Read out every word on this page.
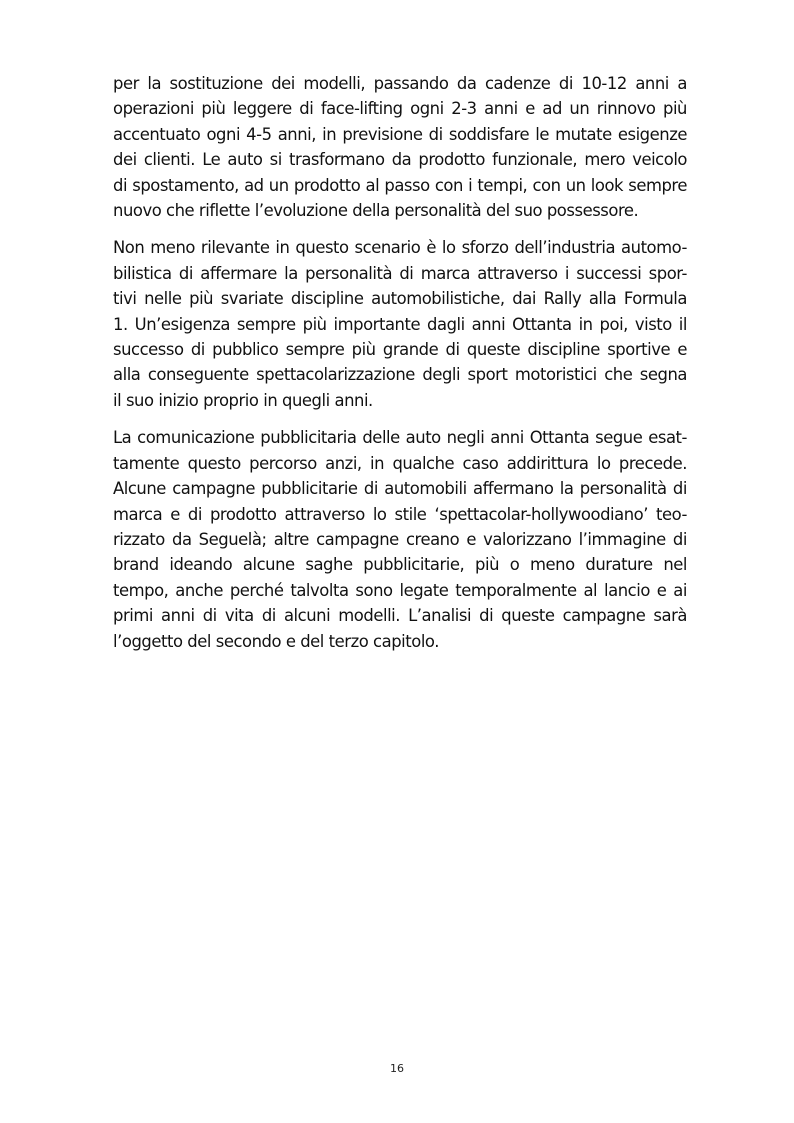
per la sostituzione dei modelli, passando da cadenze di 10-12 anni a
operazioni più leggere di face-lifting ogni 2-3 anni e ad un rinnovo più
accentuato ogni 4-5 anni, in previsione di soddisfare le mutate esigenze
dei clienti. Le auto si trasformano da prodotto funzionale, mero veicolo
di spostamento, ad un prodotto al passo con i tempi, con un look sempre
nuovo che riflette l’evoluzione della personalità del suo possessore.

Non meno rilevante in questo scenario è lo sforzo dell’industria automo-
bilistica di affermare la personalità di marca attraverso i successi spor-
tivi nelle più svariate discipline automobilistiche, dai Rally alla Formula
1. Un’esigenza sempre più importante dagli anni Ottanta in poi, visto il
successo di pubblico sempre più grande di queste discipline sportive e
alla conseguente spettacolarizzazione degli sport motoristici che segna
il suo inizio proprio in quegli anni.

La comunicazione pubblicitaria delle auto negli anni Ottanta segue esat-
tamente questo percorso anzi, in qualche caso addirittura lo precede.
Alcune campagne pubblicitarie di automobili affermano la personalità di
marca e di prodotto attraverso lo stile ‘spettacolar-hollywoodiano’ teo-
rizzato da Seguelà; altre campagne creano e valorizzano l’immagine di
brand ideando alcune saghe pubblicitarie, più o meno durature nel
tempo, anche perché talvolta sono legate temporalmente al lancio e ai
primi anni di vita di alcuni modelli. L’analisi di queste campagne sarà
l’oggetto del secondo e del terzo capitolo.

16
